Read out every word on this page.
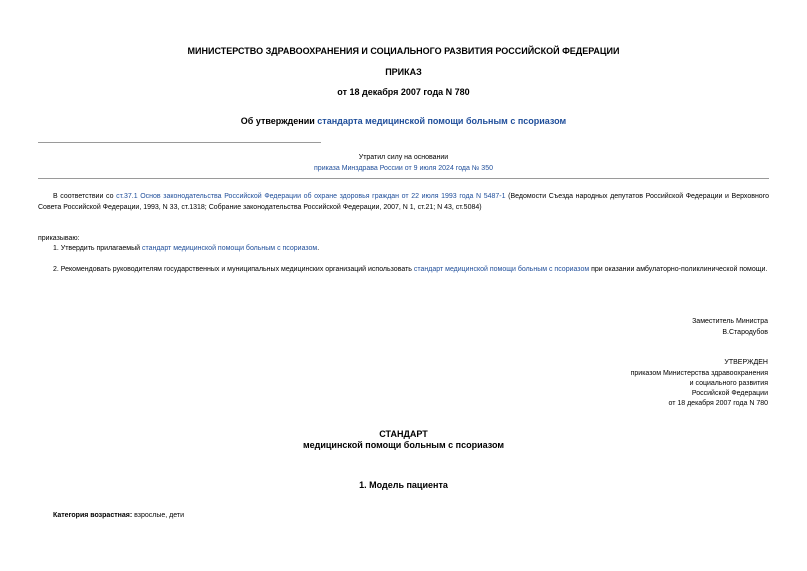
МИНИСТЕРСТВО ЗДРАВООХРАНЕНИЯ И СОЦИАЛЬНОГО РАЗВИТИЯ РОССИЙСКОЙ ФЕДЕРАЦИИ
ПРИКАЗ
от 18 декабря 2007 года N 780
Об утверждении стандарта медицинской помощи больным с псориазом
Утратил силу на основании
приказа Минздрава России от 9 июля 2024 года № 350
В соответствии со ст.37.1 Основ законодательства Российской Федерации об охране здоровья граждан от 22 июля 1993 года N 5487-1 (Ведомости Съезда народных депутатов Российской Федерации и Верховного Совета Российской Федерации, 1993, N 33, ст.1318; Собрание законодательства Российской Федерации, 2007, N 1, ст.21; N 43, ст.5084)
приказываю:
1. Утвердить прилагаемый стандарт медицинской помощи больным с псориазом.
2. Рекомендовать руководителям государственных и муниципальных медицинских организаций использовать стандарт медицинской помощи больным с псориазом при оказании амбулаторно-поликлинической помощи.
Заместитель Министра
В.Стародубов
УТВЕРЖДЕН
приказом Министерства здравоохранения
и социального развития
Российской Федерации
от 18 декабря 2007 года N 780
СТАНДАРТ
медицинской помощи больным с псориазом
1. Модель пациента
Категория возрастная: взрослые, дети
